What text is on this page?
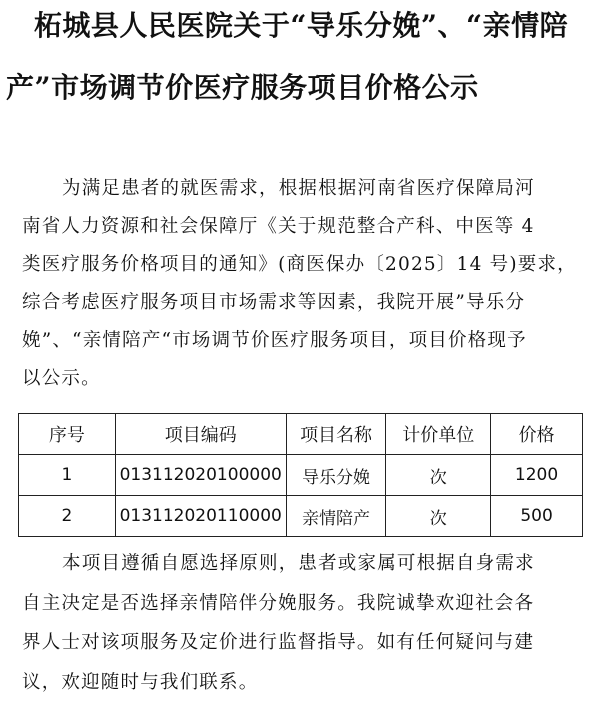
柘城县人民医院关于“导乐分娩”、“亲情陪
产”市场调节价医疗服务项目价格公示

为满足患者的就医需求，根据根据河南省医疗保障局河

南省人力资源和社会保障厅《关于规范整合产科、中医等 4

类医疗服务价格项目的通知》(商医保办〔2025〕14 号)要求，

综合考虑医疗服务项目市场需求等因素，我院开展”导乐分

娩”、“亲情陪产“市场调节价医疗服务项目，项目价格现予

以公示。

序号	项目编码	项目名称	计价单位	价格
1	013112020100000	导乐分娩	次	1200
2	013112020110000	亲情陪产	次	500

本项目遵循自愿选择原则，患者或家属可根据自身需求

自主决定是否选择亲情陪伴分娩服务。我院诚挚欢迎社会各

界人士对该项服务及定价进行监督指导。如有任何疑问与建

议，欢迎随时与我们联系。
